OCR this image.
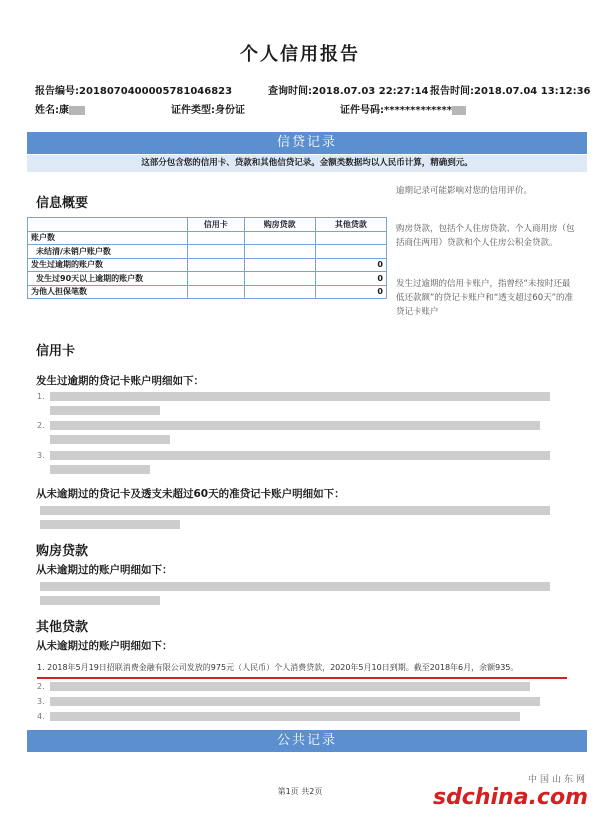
个人信用报告
报告编号:2018070400005781046823	查询时间:2018.07.03 22:27:14 报告时间:2018.07.04 13:12:36
姓名:康	证件类型:身份证	证件号码:*************
信贷记录
这部分包含您的信用卡、贷款和其他信贷记录。金额类数据均以人民币计算，精确到元。
信息概要
	信用卡	购房贷款	其他贷款
账户数			
未结清/未销户账户数			
发生过逾期的账户数			0
发生过90天以上逾期的账户数			0
为他人担保笔数			0
逾期记录可能影响对您的信用评价。
购房贷款，包括个人住房贷款、个人商用房（包括商住两用）贷款和个人住房公积金贷款。
发生过逾期的信用卡账户，指曾经“未按时还最低还款额”的贷记卡账户和“透支超过60天”的准贷记卡账户
信用卡
发生过逾期的贷记卡账户明细如下：
1.
2.
3.
从未逾期过的贷记卡及透支未超过60天的准贷记卡账户明细如下：
购房贷款
从未逾期过的账户明细如下：
其他贷款
从未逾期过的账户明细如下：
1. 2018年5月19日招联消费金融有限公司发放的975元（人民币）个人消费贷款，2020年5月10日到期。截至2018年6月，余额935。
2.
3.
4.
公共记录
第1页 共2页
中国山东网
sdchina.com
